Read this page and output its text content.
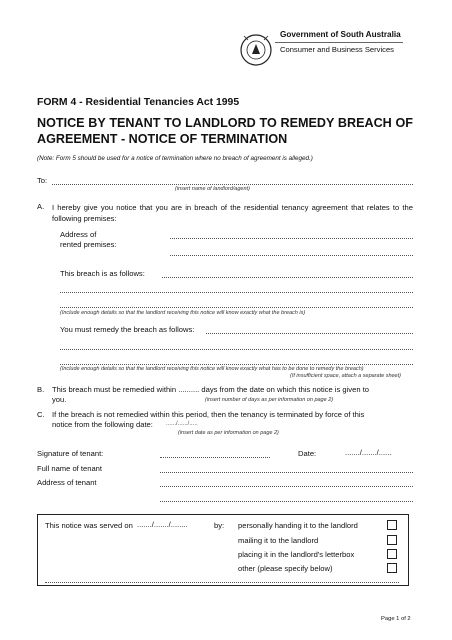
Government of South Australia
Consumer and Business Services
FORM 4 - Residential Tenancies Act 1995
NOTICE BY TENANT TO LANDLORD TO REMEDY BREACH OF AGREEMENT - NOTICE OF TERMINATION
(Note: Form 5 should be used for a notice of termination where no breach of agreement is alleged.)
To:
(insert name of landlord/agent)
A. I hereby give you notice that you are in breach of the residential tenancy agreement that relates to the following premises:
Address of
rented premises:
This breach is as follows:
(Include enough details so that the landlord receiving this notice will know exactly what the breach is)
You must remedy the breach as follows:
(Include enough details so that the landlord receiving this notice will know exactly what has to be done to remedy the breach)
(If insufficient space, attach a separate sheet)
B. This breach must be remedied within .......... days from the date on which this notice is given to
you.	(insert number of days as per information on page 2)
C. If the breach is not remedied within this period, then the tenancy is terminated by force of this
notice from the following date: ....../....../.....
(insert date as per information on page 2)
Signature of tenant:	Date:	......./......./......
Full name of tenant
Address of tenant
This notice was served on ......./......./........	by: personally handing it to the landlord
mailing it to the landlord
placing it in the landlord's letterbox
other (please specify below)
Page 1 of 2
